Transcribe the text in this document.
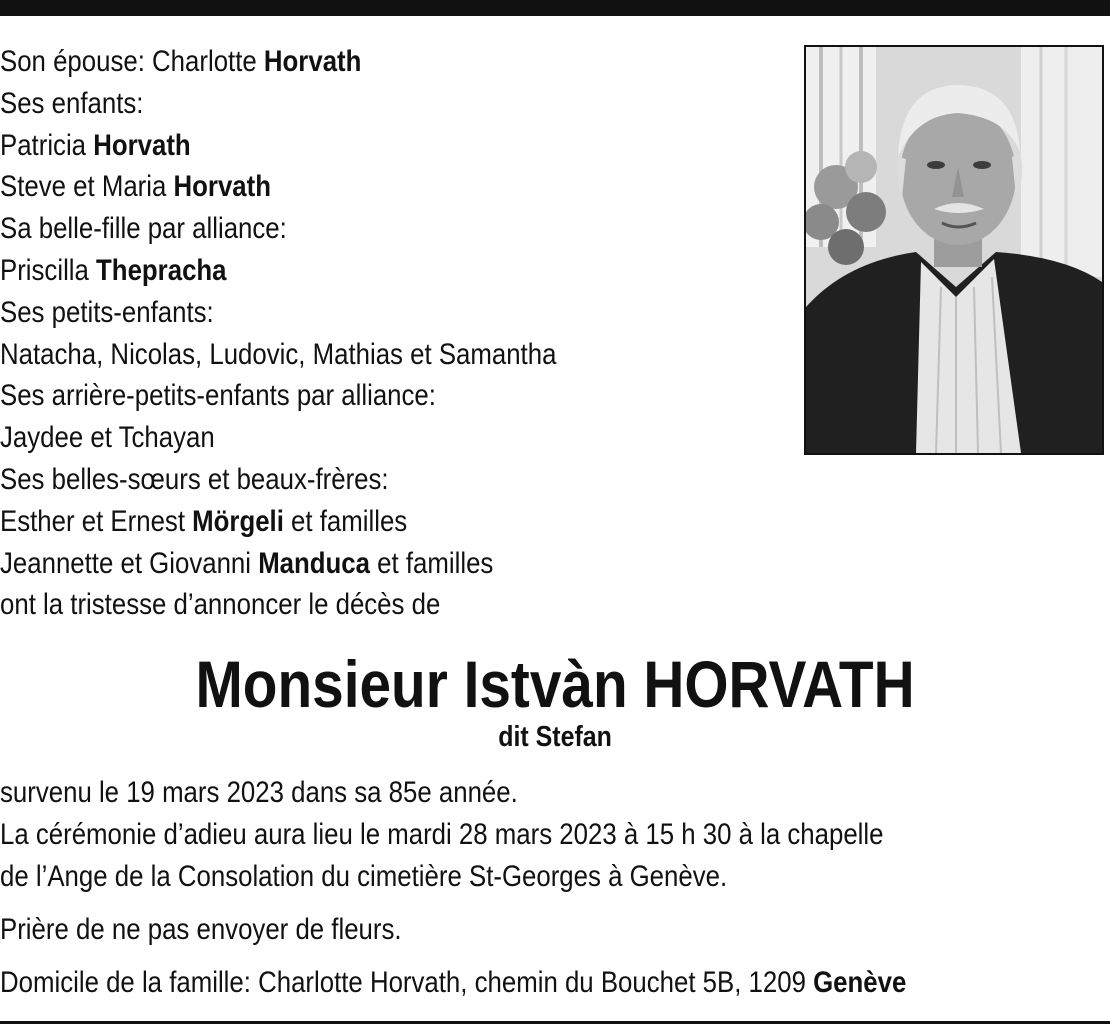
Son épouse: Charlotte Horvath
Ses enfants:
Patricia Horvath
Steve et Maria Horvath
Sa belle-fille par alliance:
Priscilla Thepracha
Ses petits-enfants:
Natacha, Nicolas, Ludovic, Mathias et Samantha
Ses arrière-petits-enfants par alliance:
Jaydee et Tchayan
Ses belles-sœurs et beaux-frères:
Esther et Ernest Mörgeli et familles
Jeannette et Giovanni Manduca et familles
ont la tristesse d’annoncer le décès de
Monsieur Istvàn HORVATH
dit Stefan
survenu le 19 mars 2023 dans sa 85e année.
La cérémonie d’adieu aura lieu le mardi 28 mars 2023 à 15 h 30 à la chapelle
de l’Ange de la Consolation du cimetière St-Georges à Genève.
Prière de ne pas envoyer de fleurs.
Domicile de la famille: Charlotte Horvath, chemin du Bouchet 5B, 1209 Genève
